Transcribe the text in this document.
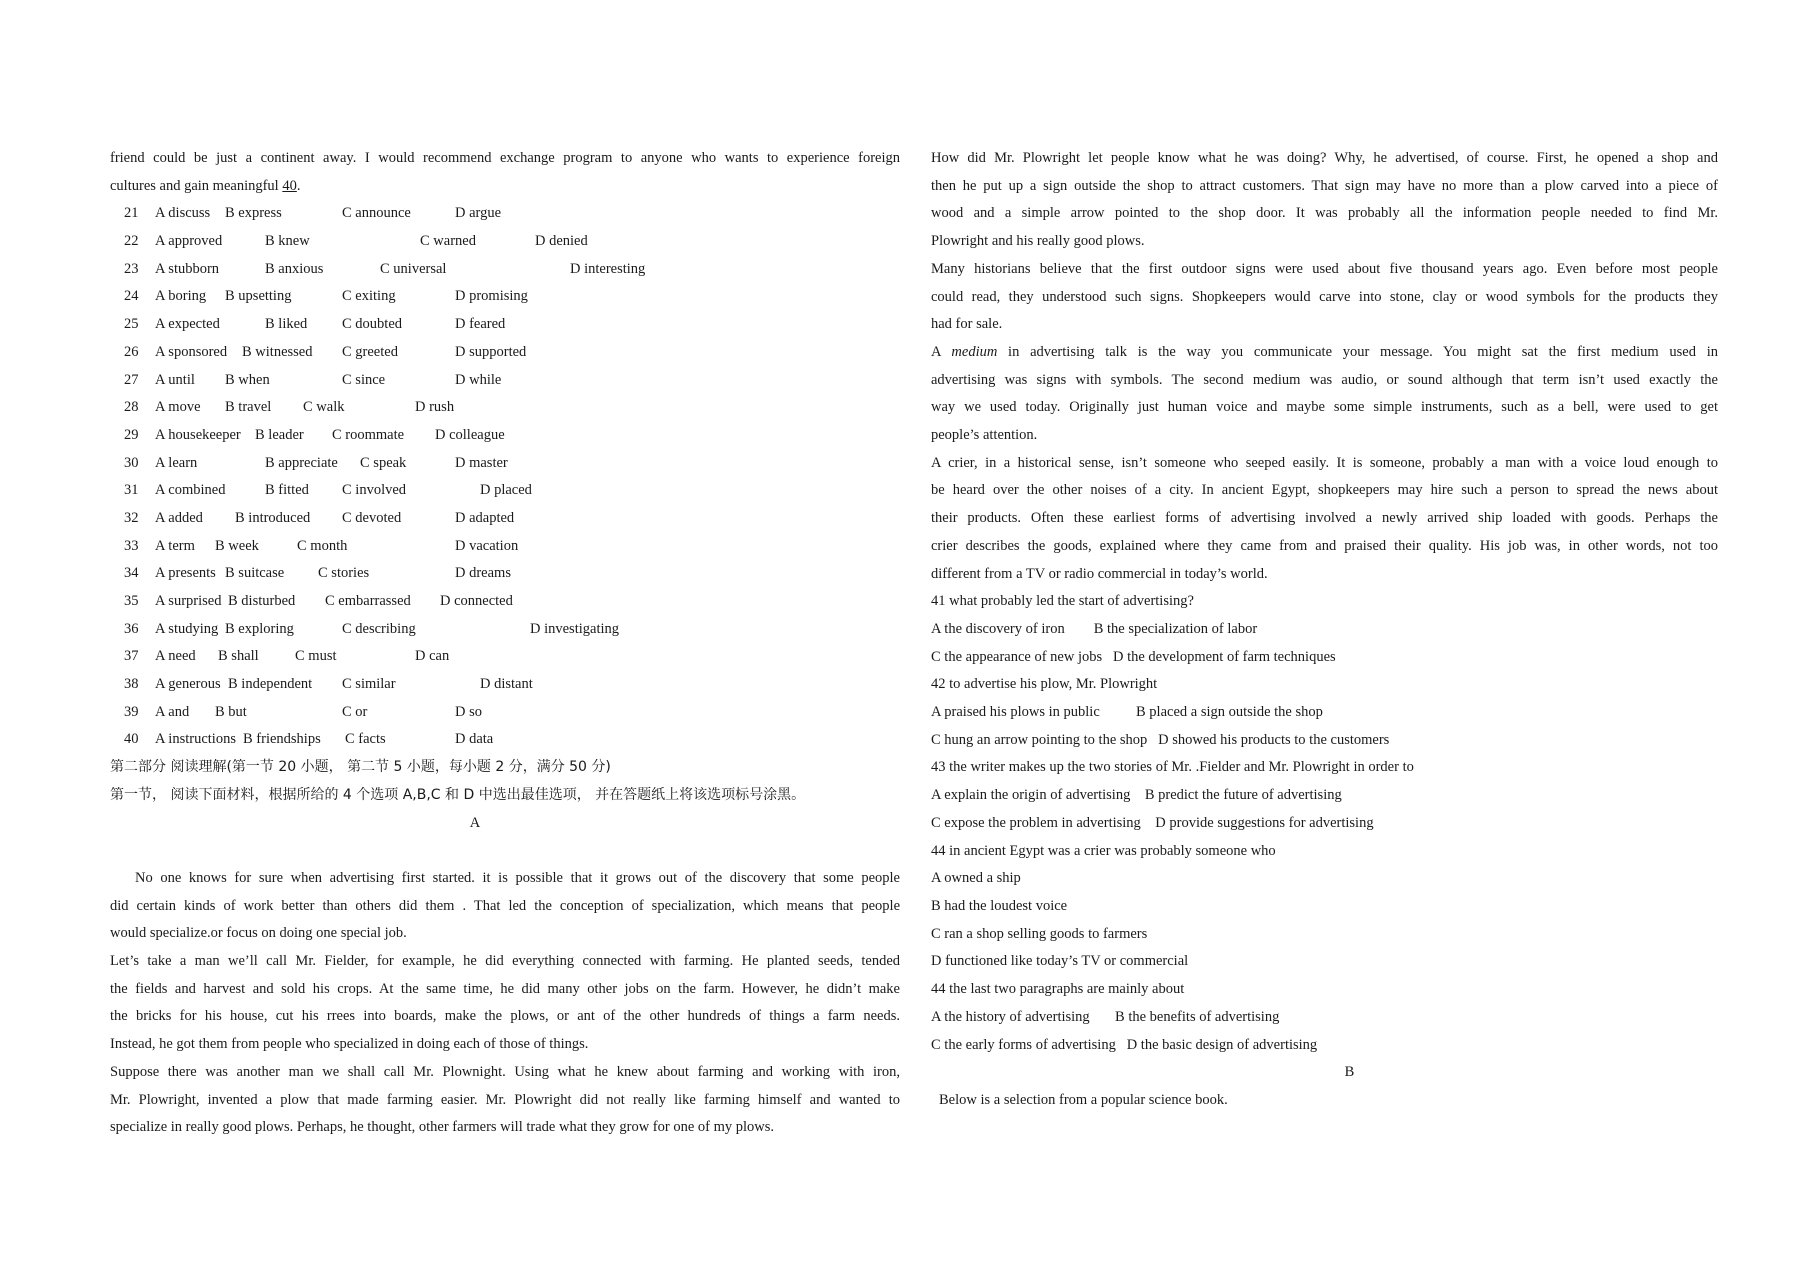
friend could be just a continent away. I would recommend exchange program to anyone who wants to experience foreign
cultures and gain meaningful 40.
21 A discuss B express	C announce	D argue
22 A approved	B knew	C warned	D denied
23 A stubborn	B anxious	C universal	D interesting
24 A boring B upsetting	C exiting	D promising
25 A expected	B liked C doubted	D feared
26 A sponsored B witnessed C greeted	D supported
27 A until B when	C since	D while
28 A move B travel C walk	D rush
29 A housekeeper B leader C roommate D colleague
30 A learn	B appreciate C speak	D master
31 A combined	B fitted C involved	D placed
32 A added B introduced C devoted	D adapted
33 A term B week	C month	D vacation
34 A presents B suitcase C stories	D dreams
35 A surprised B disturbed C embarrassed D connected
36 A studying B exploring	C describing	D investigating
37 A need B shall	C must	D can
38 A generous B independent C similar	D distant
39 A and B but	C or	D so
40 A instructions B friendships C facts	D data
第二部分 阅读理解(第一节 20 小题， 第二节 5 小题，每小题 2 分，满分 50 分)
第一节， 阅读下面材料，根据所给的 4 个选项 A,B,C 和 D 中选出最佳选项， 并在答题纸上将该选项标号涂黑。
A
No one knows for sure when advertising first started. it is possible that it grows out of the discovery that some people
did certain kinds of work better than others did them . That led the conception of specialization, which means that people
would specialize.or focus on doing one special job.
Let’s take a man we’ll call Mr. Fielder, for example, he did everything connected with farming. He planted seeds, tended
the fields and harvest and sold his crops. At the same time, he did many other jobs on the farm. However, he didn’t make
the bricks for his house, cut his rrees into boards, make the plows, or ant of the other hundreds of things a farm needs.
Instead, he got them from people who specialized in doing each of those of things.
Suppose there was another man we shall call Mr. Plownight. Using what he knew about farming and working with iron,
Mr. Plowright, invented a plow that made farming easier. Mr. Plowright did not really like farming himself and wanted to
specialize in really good plows. Perhaps, he thought, other farmers will trade what they grow for one of my plows.
How did Mr. Plowright let people know what he was doing? Why, he advertised, of course. First, he opened a shop and
then he put up a sign outside the shop to attract customers. That sign may have no more than a plow carved into a piece of
wood and a simple arrow pointed to the shop door. It was probably all the information people needed to find Mr.
Plowright and his really good plows.
Many historians believe that the first outdoor signs were used about five thousand years ago. Even before most people
could read, they understood such signs. Shopkeepers would carve into stone, clay or wood symbols for the products they
had for sale.
A medium in advertising talk is the way you communicate your message. You might sat the first medium used in
advertising was signs with symbols. The second medium was audio, or sound although that term isn’t used exactly the
way we used today. Originally just human voice and maybe some simple instruments, such as a bell, were used to get
people’s attention.
A crier, in a historical sense, isn’t someone who seeped easily. It is someone, probably a man with a voice loud enough to
be heard over the other noises of a city. In ancient Egypt, shopkeepers may hire such a person to spread the news about
their products. Often these earliest forms of advertising involved a newly arrived ship loaded with goods. Perhaps the
crier describes the goods, explained where they came from and praised their quality. His job was, in other words, not too
different from a TV or radio commercial in today’s world.
41 what probably led the start of advertising?
A the discovery of iron        B the specialization of labor
C the appearance of new jobs   D the development of farm techniques
42 to advertise his plow, Mr. Plowright
A praised his plows in public          B placed a sign outside the shop
C hung an arrow pointing to the shop   D showed his products to the customers
43 the writer makes up the two stories of Mr. .Fielder and Mr. Plowright in order to
A explain the origin of advertising    B predict the future of advertising
C expose the problem in advertising    D provide suggestions for advertising
44 in ancient Egypt was a crier was probably someone who
A owned a ship
B had the loudest voice
C ran a shop selling goods to farmers
D functioned like today’s TV or commercial
44 the last two paragraphs are mainly about
A the history of advertising       B the benefits of advertising
C the early forms of advertising   D the basic design of advertising
B
Below is a selection from a popular science book.
